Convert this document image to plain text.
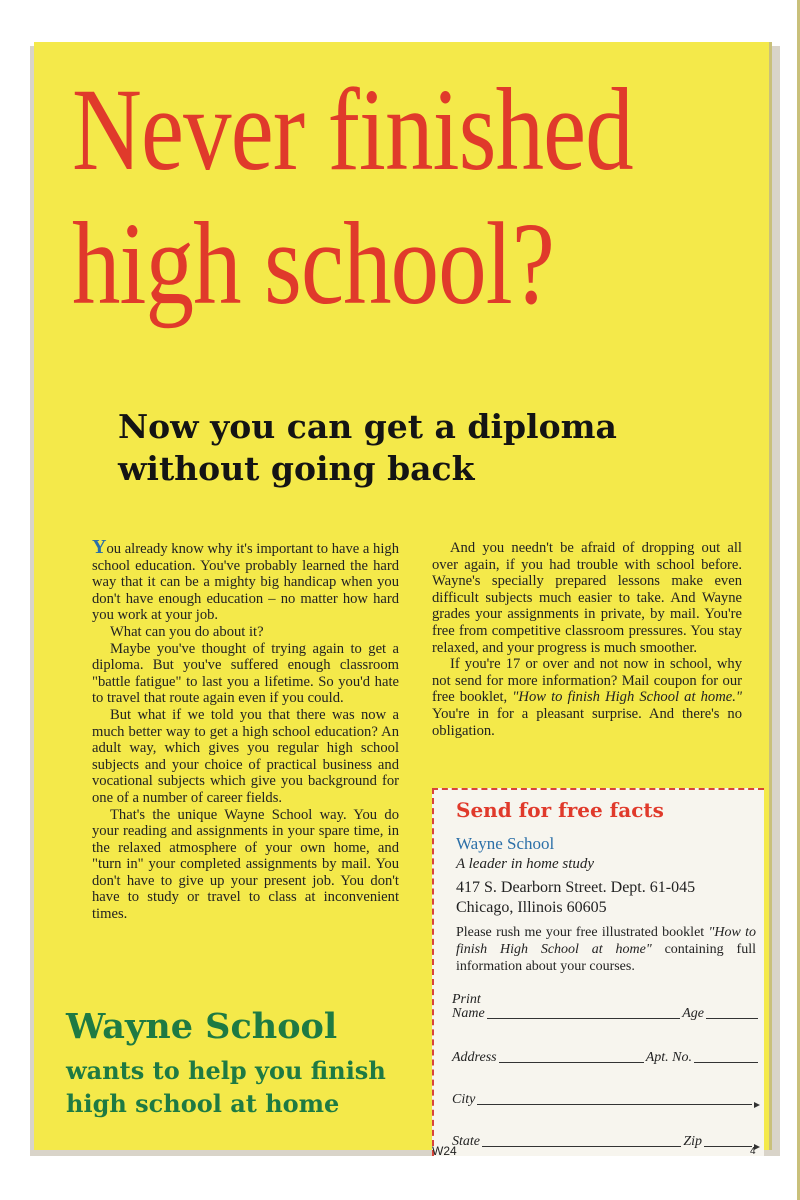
Never finished
high school?
Now you can get a diploma
without going back

You already know why it's important to have a high school education. You've probably learned the hard way that it can be a mighty big handicap when you don't have enough education – no matter how hard you work at your job.

What can you do about it?

Maybe you've thought of trying again to get a diploma. But you've suffered enough classroom "battle fatigue" to last you a lifetime. So you'd hate to travel that route again even if you could.

But what if we told you that there was now a much better way to get a high school education? An adult way, which gives you regular high school subjects and your choice of practical business and vocational subjects which give you background for one of a number of career fields.

That's the unique Wayne School way. You do your reading and assignments in your spare time, in the relaxed atmosphere of your own home, and "turn in" your completed assignments by mail. You don't have to give up your present job. You don't have to study or travel to class at inconvenient times.

And you needn't be afraid of dropping out all over again, if you had trouble with school before. Wayne's specially prepared lessons make even difficult subjects much easier to take. And Wayne grades your assignments in private, by mail. You're free from competitive classroom pressures. You stay relaxed, and your progress is much smoother.

If you're 17 or over and not now in school, why not send for more information? Mail coupon for our free booklet, "How to finish High School at home." You're in for a pleasant surprise. And there's no obligation.

Wayne School
wants to help you finish
high school at home
Send for free facts
Wayne School
A leader in home study
417 S. Dearborn Street. Dept. 61-045
Chicago, Illinois 60605
Please rush me your free illustrated booklet "How to finish High School at home" containing full information about your courses.
Print
Name	Age
Address	Apt. No.
City
State	Zip
W24	4
